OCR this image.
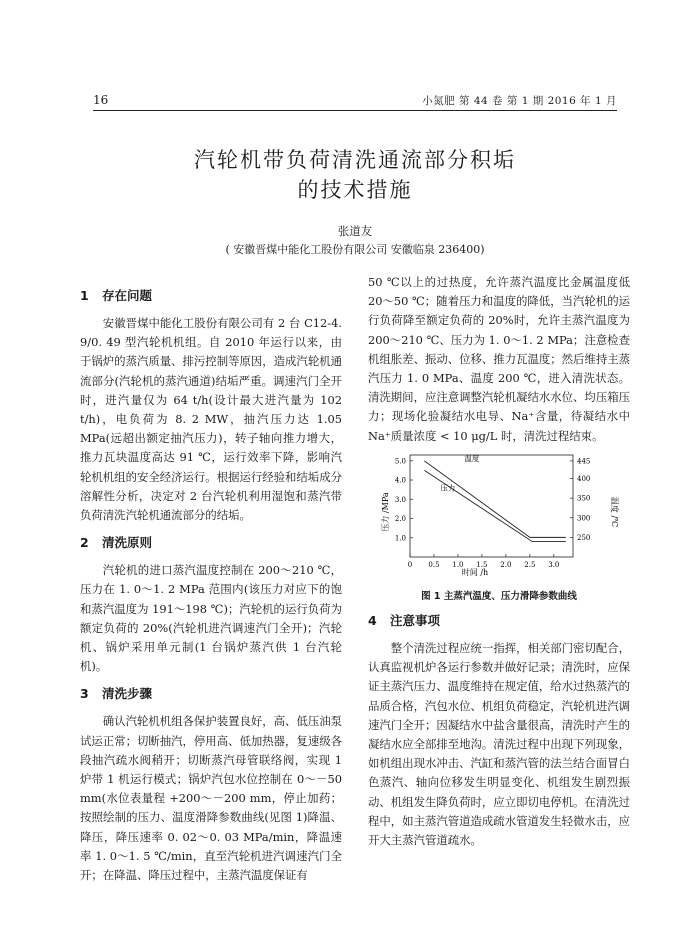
16	小氮肥 第 44 卷 第 1 期 2016 年 1 月
汽轮机带负荷清洗通流部分积垢
的技术措施
张道友
( 安徽晋煤中能化工股份有限公司 安徽临泉 236400)
1 存在问题

安徽晋煤中能化工股份有限公司有 2 台 C12-4. 9/0. 49 型汽轮机机组。自 2010 年运行以来，由于锅炉的蒸汽质量、排污控制等原因，造成汽轮机通流部分(汽轮机的蒸汽通道)结垢严重。调速汽门全开时，进汽量仅为 64 t/h(设计最大进汽量为 102 t/h)，电负荷为 8. 2 MW，抽汽压力达 1.05 MPa(远超出额定抽汽压力)，转子轴向推力增大，推力瓦块温度高达 91 ℃，运行效率下降，影响汽轮机机组的安全经济运行。根据运行经验和结垢成分溶解性分析，决定对 2 台汽轮机利用湿饱和蒸汽带负荷清洗汽轮机通流部分的结垢。

2 清洗原则

汽轮机的进口蒸汽温度控制在 200～210 ℃，压力在 1. 0～1. 2 MPa 范围内(该压力对应下的饱和蒸汽温度为 191～198 ℃)；汽轮机的运行负荷为额定负荷的 20%(汽轮机进汽调速汽门全开)；汽轮机、锅炉采用单元制(1 台锅炉蒸汽供 1 台汽轮机)。

3 清洗步骤

确认汽轮机机组各保护装置良好，高、低压油泵试运正常；切断抽汽，停用高、低加热器，复速级各段抽汽疏水阀稍开；切断蒸汽母管联络阀，实现 1 炉带 1 机运行模式；锅炉汽包水位控制在 0～－50 mm(水位表量程 +200～－200 mm，停止加药；按照绘制的压力、温度滑降参数曲线(见图 1)降温、降压，降压速率 0. 02～0. 03 MPa/min，降温速率 1. 0～1. 5 ℃/min，直至汽轮机进汽调速汽门全开；在降温、降压过程中，主蒸汽温度保证有

50 ℃以上的过热度，允许蒸汽温度比金属温度低 20～50 ℃；随着压力和温度的降低，当汽轮机的运行负荷降至额定负荷的 20%时，允许主蒸汽温度为 200～210 ℃、压力为 1. 0～1. 2 MPa；注意检查机组胀差、振动、位移、推力瓦温度；然后维持主蒸汽压力 1. 0 MPa、温度 200 ℃，进入清洗状态。清洗期间，应注意调整汽轮机凝结水水位、均压箱压力；现场化验凝结水电导、Na⁺含量，待凝结水中 Na⁺质量浓度 < 10 μg/L 时，清洗过程结束。

0 0.5 1.0 1.5 2.0 2.5 3.0
1.0
2.0
3.0
4.0
5.0
250
300
350
400
445
温度
压力
压力 /MPa	温度 /℃
时间 /h
图 1 主蒸汽温度、压力滑降参数曲线
4 注意事项

整个清洗过程应统一指挥，相关部门密切配合，认真监视机炉各运行参数并做好记录；清洗时，应保证主蒸汽压力、温度维持在规定值，给水过热蒸汽的品质合格，汽包水位、机组负荷稳定，汽轮机进汽调速汽门全开；因凝结水中盐含量很高，清洗时产生的凝结水应全部排至地沟。清洗过程中出现下列现象，如机组出现水冲击、汽缸和蒸汽管的法兰结合面冒白色蒸汽、轴向位移发生明显变化、机组发生剧烈振动、机组发生降负荷时，应立即切电停机。在清洗过程中，如主蒸汽管道造成疏水管道发生轻微水击，应开大主蒸汽管道疏水。
